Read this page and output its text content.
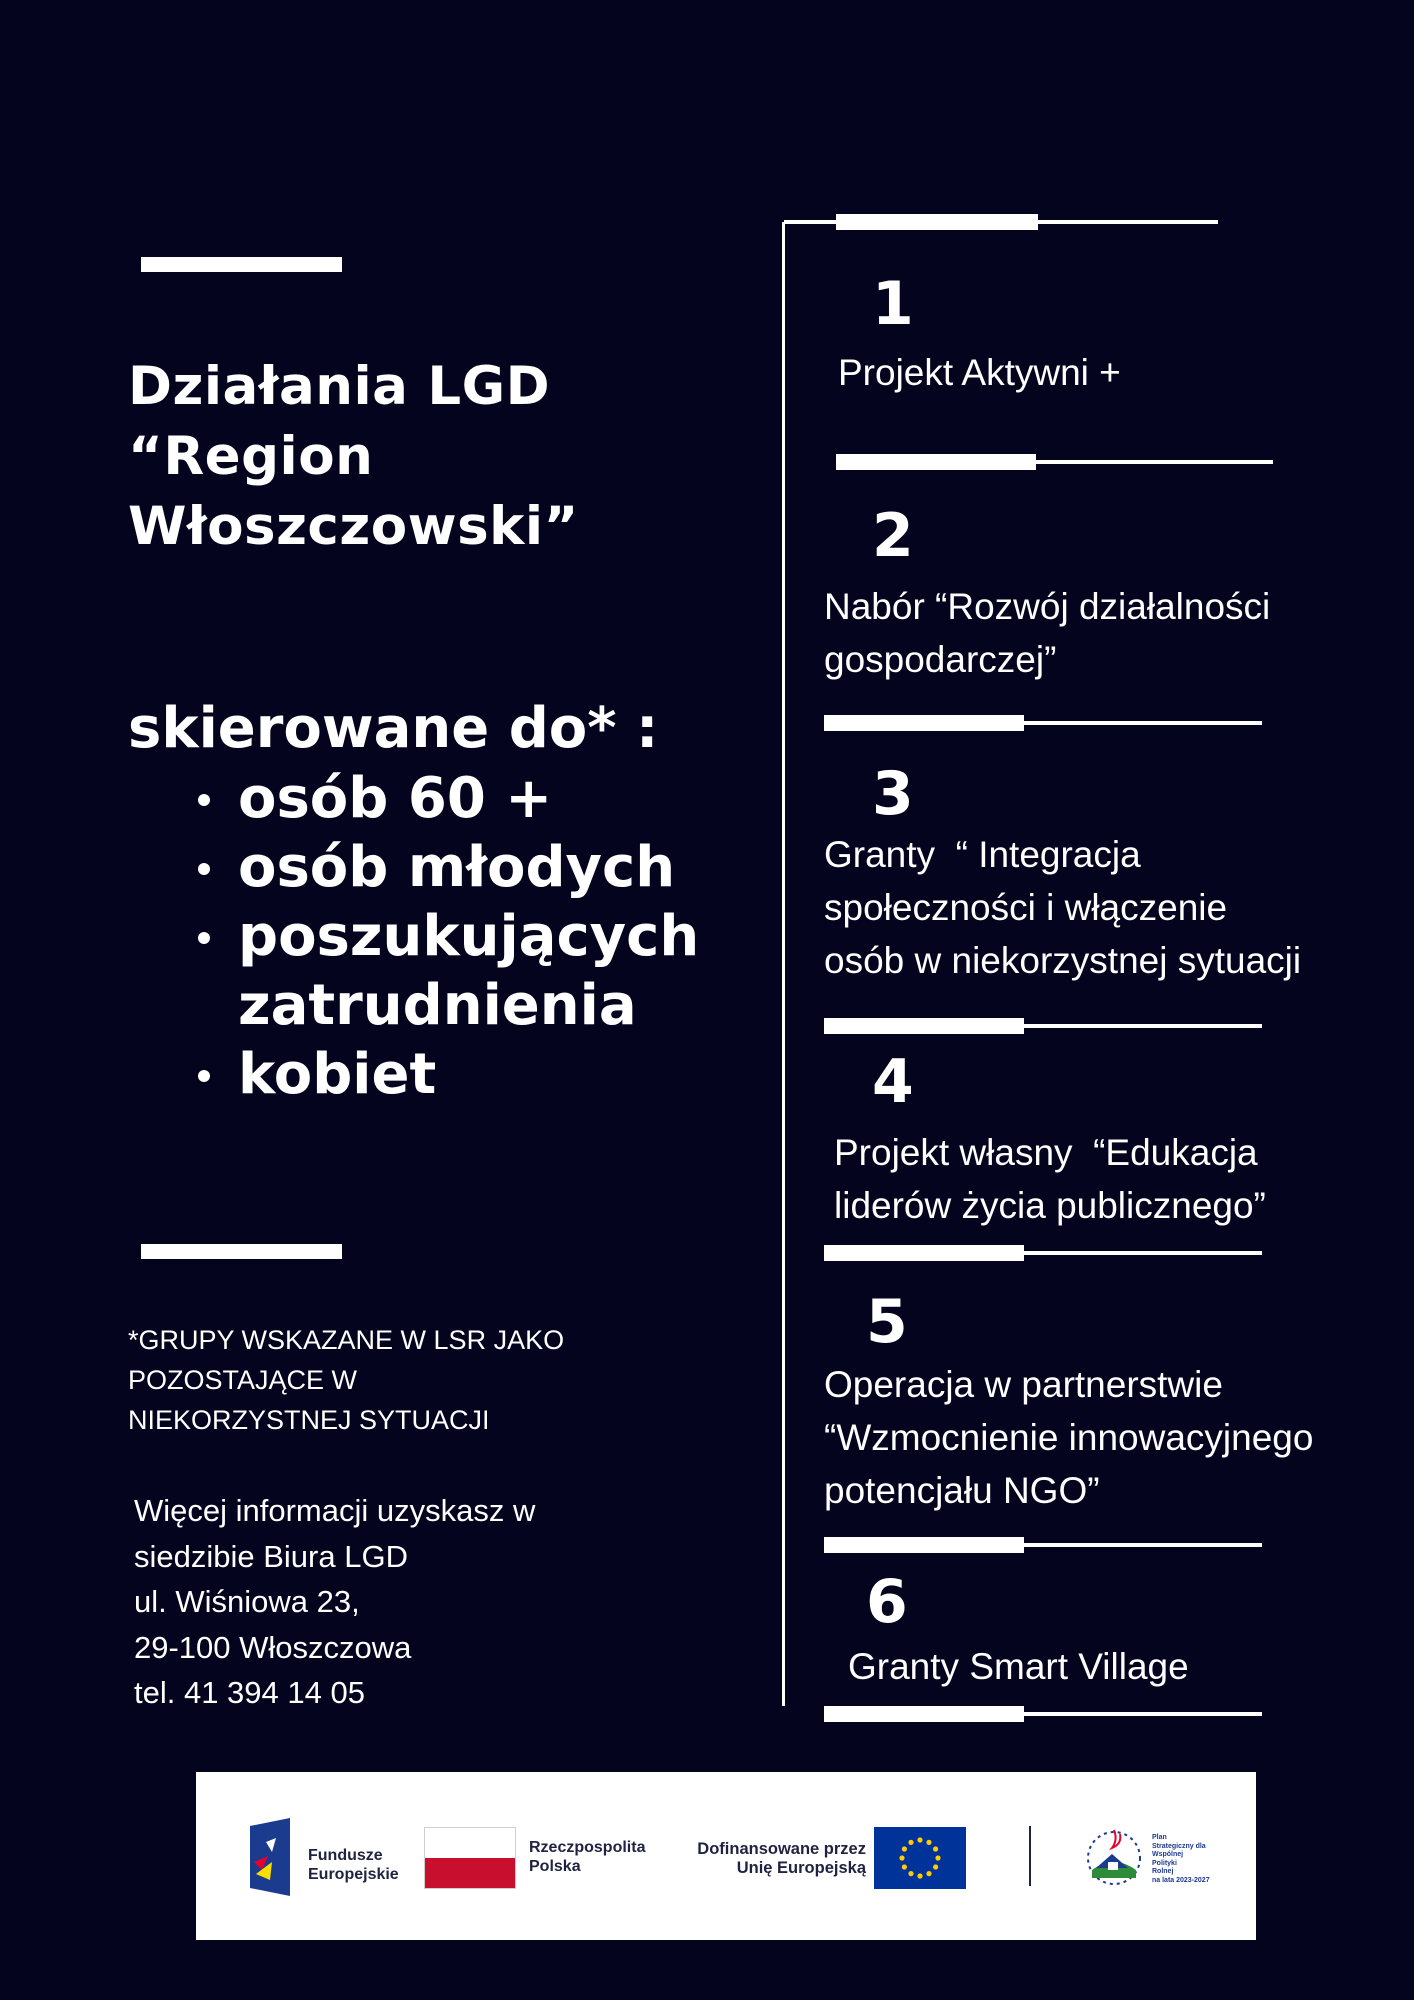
Działania LGD
“Region
Włoszczowski”
skierowane do* :
osób 60 +
osób młodych
poszukujących
zatrudnienia
kobiet
*GRUPY WSKAZANE W LSR JAKO
POZOSTAJĄCE W
NIEKORZYSTNEJ SYTUACJI
Więcej informacji uzyskasz w
siedzibie Biura LGD
ul. Wiśniowa 23,
29-100 Włoszczowa
tel. 41 394 14 05
1
Projekt Aktywni +
2
Nabór “Rozwój działalności
gospodarczej”
3
Granty  “ Integracja
społeczności i włączenie
osób w niekorzystnej sytuacji
4
Projekt własny  “Edukacja
liderów życia publicznego”
5
Operacja w partnerstwie
“Wzmocnienie innowacyjnego
potencjału NGO”
6
Granty Smart Village
Fundusze
Europejskie
Rzeczpospolita
Polska
Dofinansowane przez
Unię Europejską
Plan
Strategiczny dla
Wspólnej
Polityki
Rolnej
na lata 2023-2027
